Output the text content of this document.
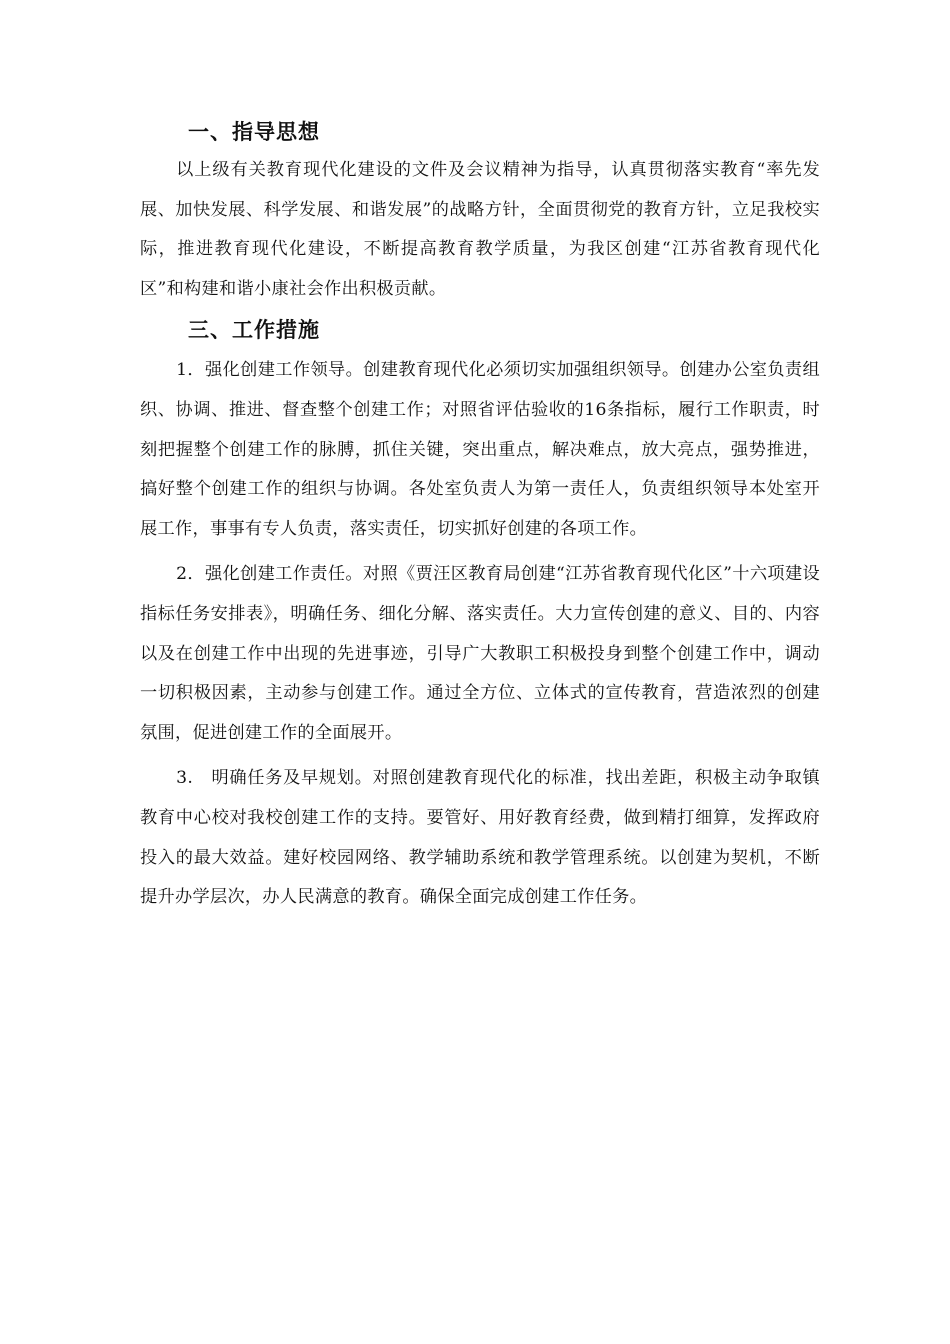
一、指导思想

以上级有关教育现代化建设的文件及会议精神为指导，认真贯彻落实教育“率先发展、加快发展、科学发展、和谐发展”的战略方针，全面贯彻党的教育方针，立足我校实际，推进教育现代化建设，不断提高教育教学质量，为我区创建“江苏省教育现代化区”和构建和谐小康社会作出积极贡献。

三、工作措施

1．强化创建工作领导。创建教育现代化必须切实加强组织领导。创建办公室负责组织、协调、推进、督查整个创建工作；对照省评估验收的16条指标，履行工作职责，时刻把握整个创建工作的脉膊，抓住关键，突出重点，解决难点，放大亮点，强势推进，搞好整个创建工作的组织与协调。各处室负责人为第一责任人，负责组织领导本处室开展工作，事事有专人负责，落实责任，切实抓好创建的各项工作。

2．强化创建工作责任。对照《贾汪区教育局创建“江苏省教育现代化区”十六项建设指标任务安排表》，明确任务、细化分解、落实责任。大力宣传创建的意义、目的、内容以及在创建工作中出现的先进事迹，引导广大教职工积极投身到整个创建工作中，调动一切积极因素，主动参与创建工作。通过全方位、立体式的宣传教育，营造浓烈的创建氛围，促进创建工作的全面展开。

3.　明确任务及早规划。对照创建教育现代化的标准，找出差距，积极主动争取镇教育中心校对我校创建工作的支持。要管好、用好教育经费，做到精打细算，发挥政府投入的最大效益。建好校园网络、教学辅助系统和教学管理系统。以创建为契机，不断提升办学层次，办人民满意的教育。确保全面完成创建工作任务。
